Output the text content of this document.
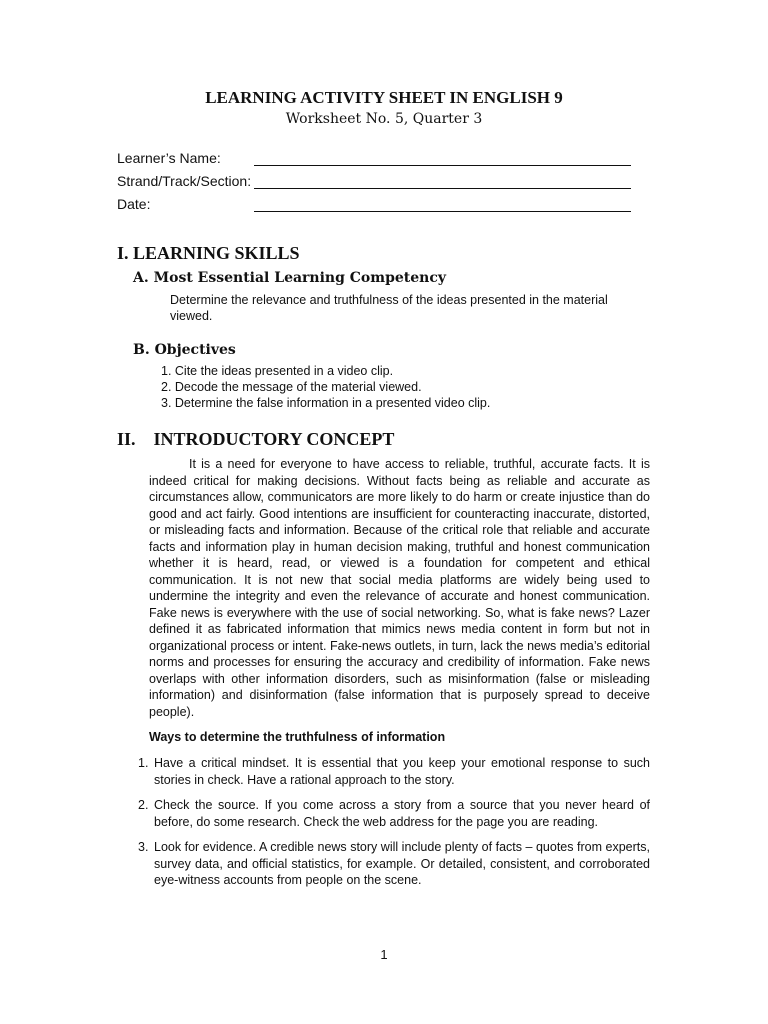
LEARNING ACTIVITY SHEET IN ENGLISH 9
Worksheet No. 5, Quarter 3
Learner’s Name:
Strand/Track/Section:
Date:
I. LEARNING SKILLS
A. Most Essential Learning Competency
Determine the relevance and truthfulness of the ideas presented in the material viewed.
B. Objectives
1. Cite the ideas presented in a video clip.
2. Decode the message of the material viewed.
3. Determine the false information in a presented video clip.
II. INTRODUCTORY CONCEPT
It is a need for everyone to have access to reliable, truthful, accurate facts. It is indeed critical for making decisions. Without facts being as reliable and accurate as circumstances allow, communicators are more likely to do harm or create injustice than do good and act fairly. Good intentions are insufficient for counteracting inaccurate, distorted, or misleading facts and information. Because of the critical role that reliable and accurate facts and information play in human decision making, truthful and honest communication whether it is heard, read, or viewed is a foundation for competent and ethical communication. It is not new that social media platforms are widely being used to undermine the integrity and even the relevance of accurate and honest communication. Fake news is everywhere with the use of social networking. So, what is fake news? Lazer defined it as fabricated information that mimics news media content in form but not in organizational process or intent. Fake-news outlets, in turn, lack the news media’s editorial norms and processes for ensuring the accuracy and credibility of information. Fake news overlaps with other information disorders, such as misinformation (false or misleading information) and disinformation (false information that is purposely spread to deceive people).
Ways to determine the truthfulness of information
1. Have a critical mindset. It is essential that you keep your emotional response to such stories in check. Have a rational approach to the story.
2. Check the source. If you come across a story from a source that you never heard of before, do some research. Check the web address for the page you are reading.
3. Look for evidence. A credible news story will include plenty of facts – quotes from experts, survey data, and official statistics, for example. Or detailed, consistent, and corroborated eye-witness accounts from people on the scene.
1
